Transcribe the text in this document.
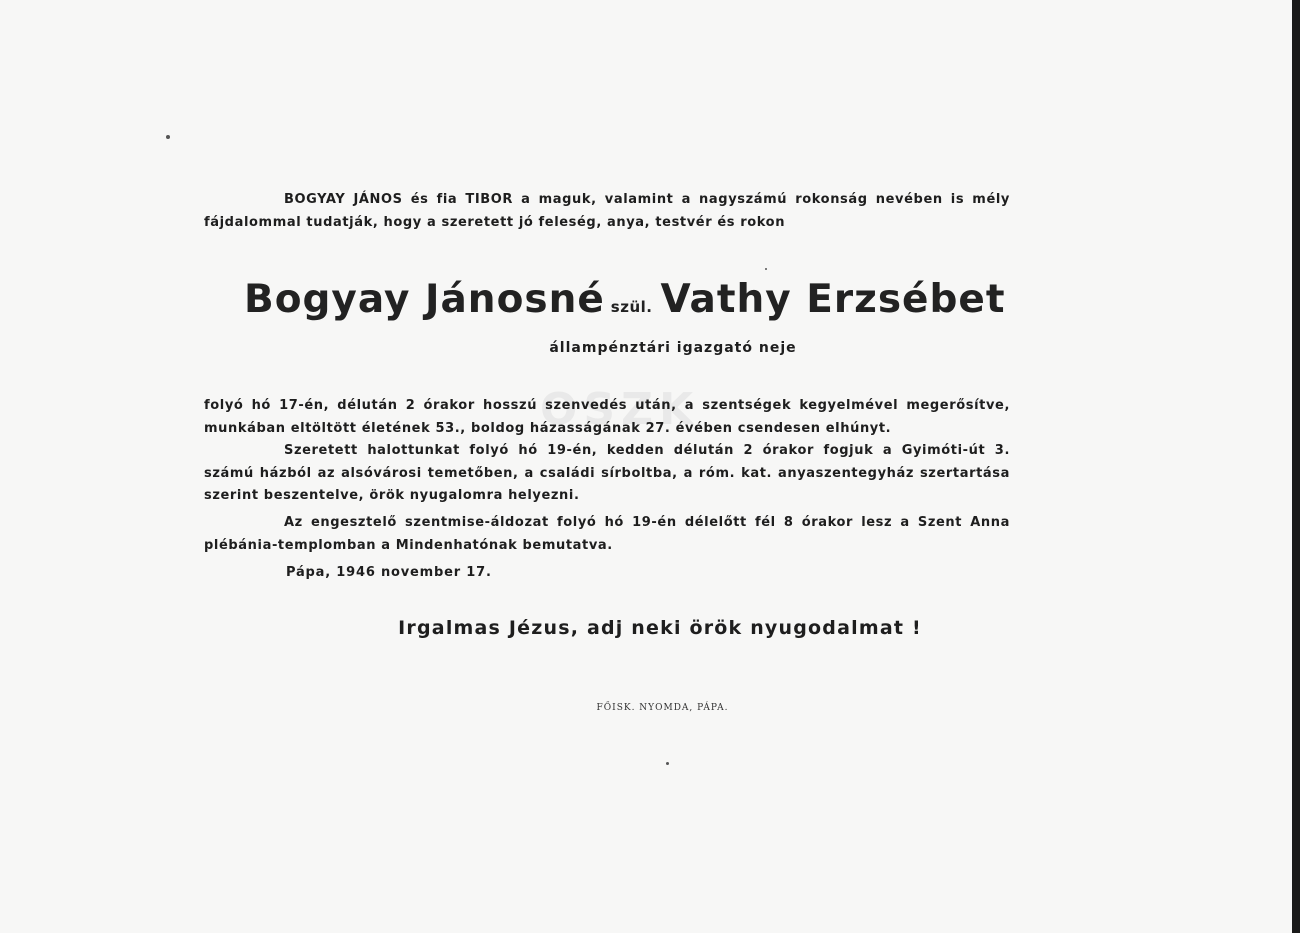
OSZK

BOGYAY JÁNOS és fia TIBOR a maguk, valamint a nagyszámú rokonság nevében is mély fájdalommal tudatják, hogy a szeretett jó feleség, anya, testvér és rokon

Bogyay Jánosné szül. Vathy Erzsébet
állampénztári igazgató neje

folyó hó 17-én, délután 2 órakor hosszú szenvedés után, a szentségek kegyelmével megerősítve, munkában eltöltött életének 53., boldog házasságának 27. évében csendesen elhúnyt.

Szeretett halottunkat folyó hó 19-én, kedden délután 2 órakor fogjuk a Gyimóti-út 3. számú házból az alsóvárosi temetőben, a családi sírboltba, a róm. kat. anyaszentegyház szertartása szerint beszentelve, örök nyugalomra helyezni.

Az engesztelő szentmise-áldozat folyó hó 19-én délelőtt fél 8 órakor lesz a Szent Anna plébánia-templomban a Mindenhatónak bemutatva.

Pápa, 1946 november 17.
Irgalmas Jézus, adj neki örök nyugodalmat !
FŐISK. NYOMDA, PÁPA.
